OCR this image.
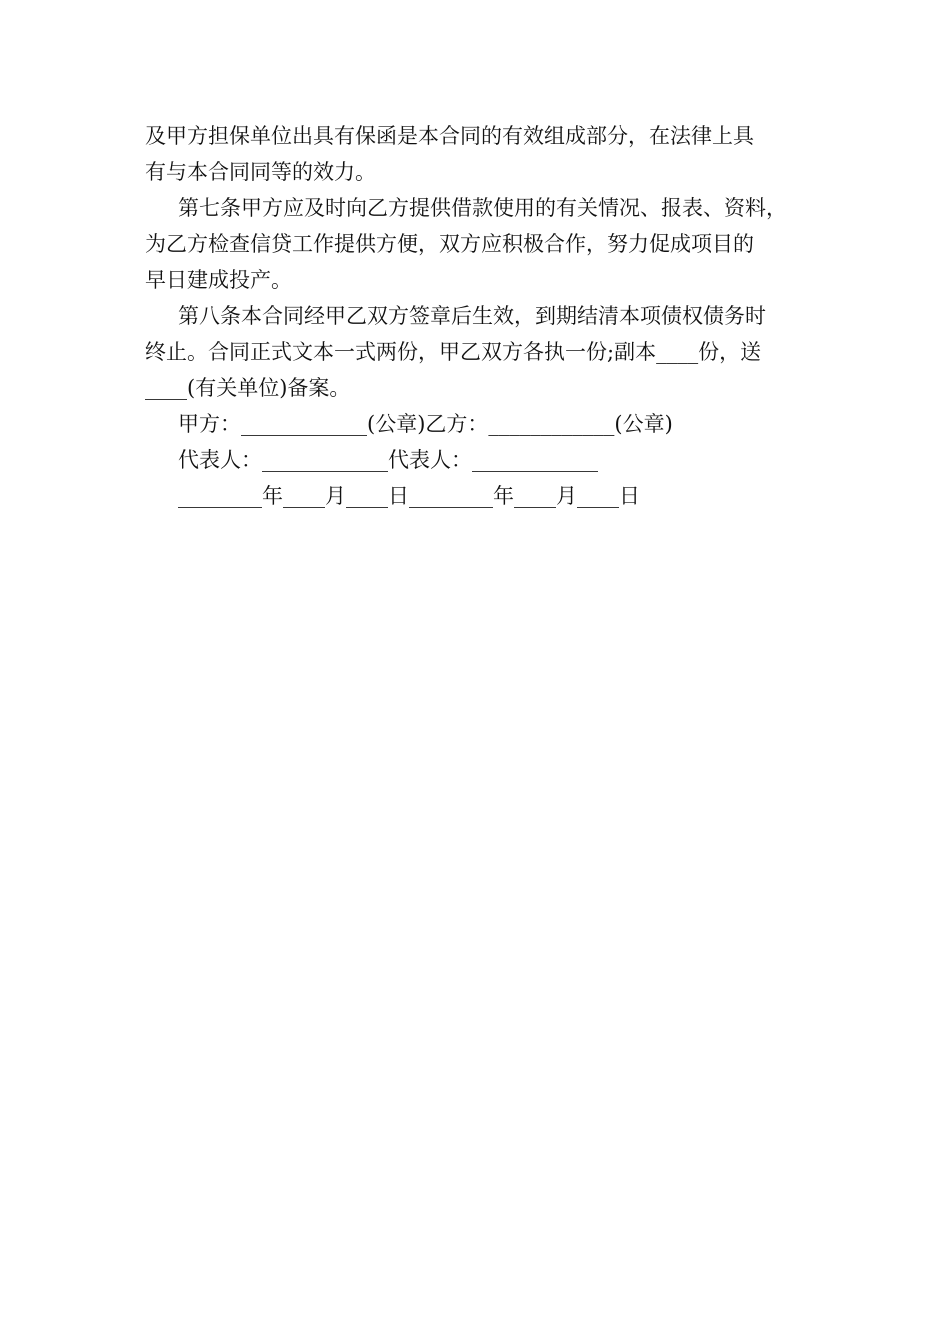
及甲方担保单位出具有保函是本合同的有效组成部分，在法律上具
有与本合同同等的效力。
第七条甲方应及时向乙方提供借款使用的有关情况、报表、资料，
为乙方检查信贷工作提供方便，双方应积极合作，努力促成项目的
早日建成投产。
第八条本合同经甲乙双方签章后生效，到期结清本项债权债务时
终止。合同正式文本一式两份，甲乙双方各执一份;副本____份，送
____(有关单位)备案。
甲方：____________(公章)乙方：____________(公章)
代表人：____________代表人：____________
________年____月____日________年____月____日
